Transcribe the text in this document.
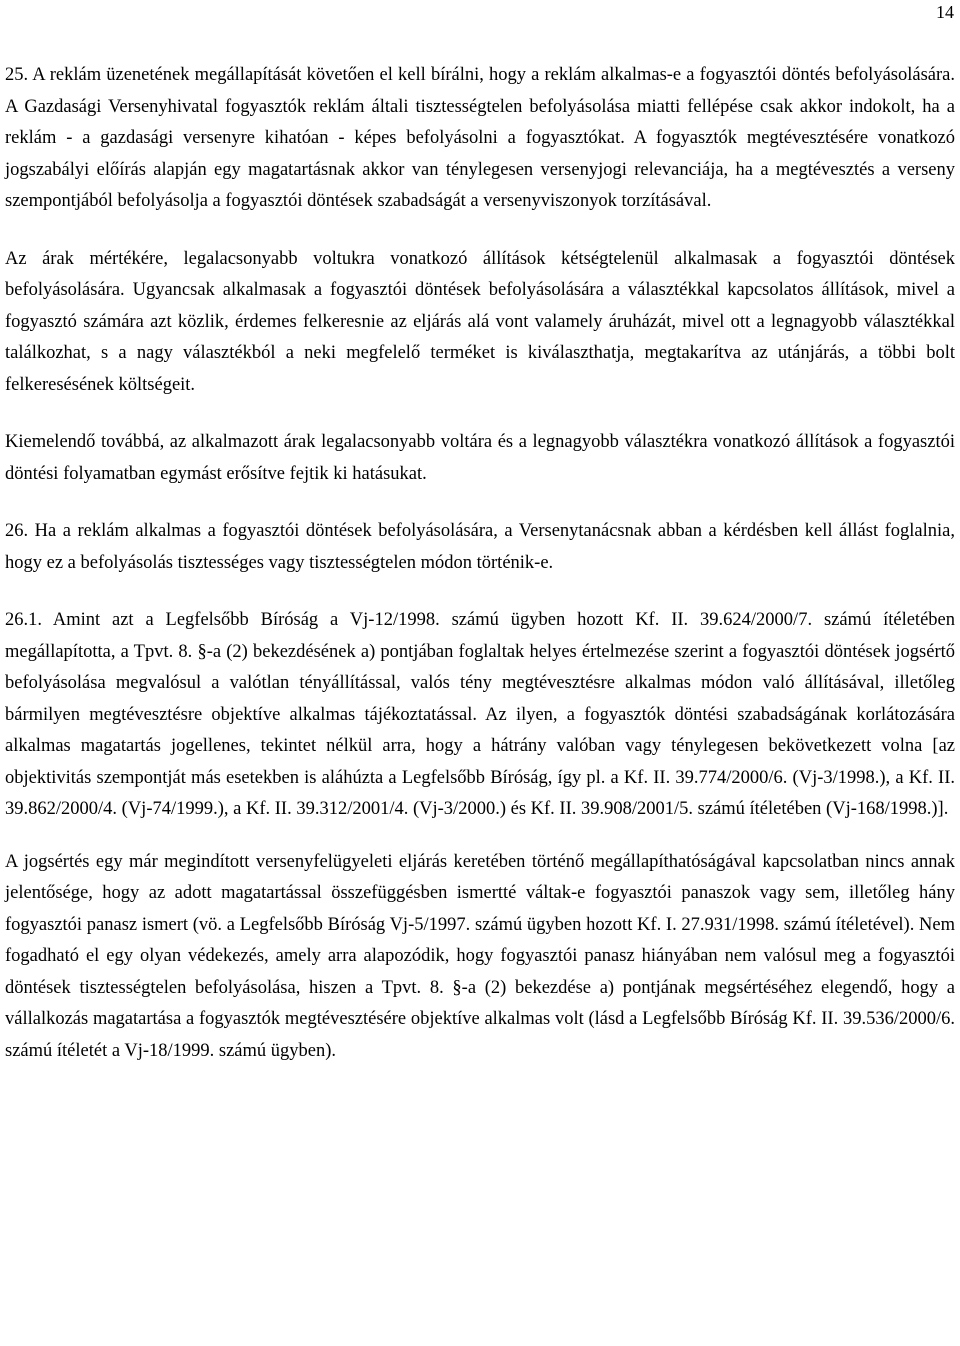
14

25. A reklám üzenetének megállapítását követően el kell bírálni, hogy a reklám alkalmas-e a fogyasztói döntés befolyásolására. A Gazdasági Versenyhivatal fogyasztók reklám általi tisztességtelen befolyásolása miatti fellépése csak akkor indokolt, ha a reklám - a gazdasági versenyre kihatóan - képes befolyásolni a fogyasztókat. A fogyasztók megtévesztésére vonatkozó jogszabályi előírás alapján egy magatartásnak akkor van ténylegesen versenyjogi relevanciája, ha a megtévesztés a verseny szempontjából befolyásolja a fogyasztói döntések szabadságát a versenyviszonyok torzításával.

Az árak mértékére, legalacsonyabb voltukra vonatkozó állítások kétségtelenül alkalmasak a fogyasztói döntések befolyásolására. Ugyancsak alkalmasak a fogyasztói döntések befolyásolására a választékkal kapcsolatos állítások, mivel a fogyasztó számára azt közlik, érdemes felkeresnie az eljárás alá vont valamely áruházát, mivel ott a legnagyobb választékkal találkozhat, s a nagy választékból a neki megfelelő terméket is kiválaszthatja, megtakarítva az utánjárás, a többi bolt felkeresésének költségeit.

Kiemelendő továbbá, az alkalmazott árak legalacsonyabb voltára és a legnagyobb választékra vonatkozó állítások a fogyasztói döntési folyamatban egymást erősítve fejtik ki hatásukat.

26. Ha a reklám alkalmas a fogyasztói döntések befolyásolására, a Versenytanácsnak abban a kérdésben kell állást foglalnia, hogy ez a befolyásolás tisztességes vagy tisztességtelen módon történik-e.

26.1. Amint azt a Legfelsőbb Bíróság a Vj-12/1998. számú ügyben hozott Kf. II. 39.624/2000/7. számú ítéletében megállapította, a Tpvt. 8. §-a (2) bekezdésének a) pontjában foglaltak helyes értelmezése szerint a fogyasztói döntések jogsértő befolyásolása megvalósul a valótlan tényállítással, valós tény megtévesztésre alkalmas módon való állításával, illetőleg bármilyen megtévesztésre objektíve alkalmas tájékoztatással. Az ilyen, a fogyasztók döntési szabadságának korlátozására alkalmas magatartás jogellenes, tekintet nélkül arra, hogy a hátrány valóban vagy ténylegesen bekövetkezett volna [az objektivitás szempontját más esetekben is aláhúzta a Legfelsőbb Bíróság, így pl. a Kf. II. 39.774/2000/6. (Vj-3/1998.), a Kf. II. 39.862/2000/4. (Vj-74/1999.), a Kf. II. 39.312/2001/4. (Vj-3/2000.) és Kf. II. 39.908/2001/5. számú ítéletében (Vj-168/1998.)].

A jogsértés egy már megindított versenyfelügyeleti eljárás keretében történő megállapíthatóságával kapcsolatban nincs annak jelentősége, hogy az adott magatartással összefüggésben ismertté váltak-e fogyasztói panaszok vagy sem, illetőleg hány fogyasztói panasz ismert (vö. a Legfelsőbb Bíróság Vj-5/1997. számú ügyben hozott Kf. I. 27.931/1998. számú ítéletével). Nem fogadható el egy olyan védekezés, amely arra alapozódik, hogy fogyasztói panasz hiányában nem valósul meg a fogyasztói döntések tisztességtelen befolyásolása, hiszen a Tpvt. 8. §-a (2) bekezdése a) pontjának megsértéséhez elegendő, hogy a vállalkozás magatartása a fogyasztók megtévesztésére objektíve alkalmas volt (lásd a Legfelsőbb Bíróság Kf. II. 39.536/2000/6. számú ítéletét a Vj-18/1999. számú ügyben).
